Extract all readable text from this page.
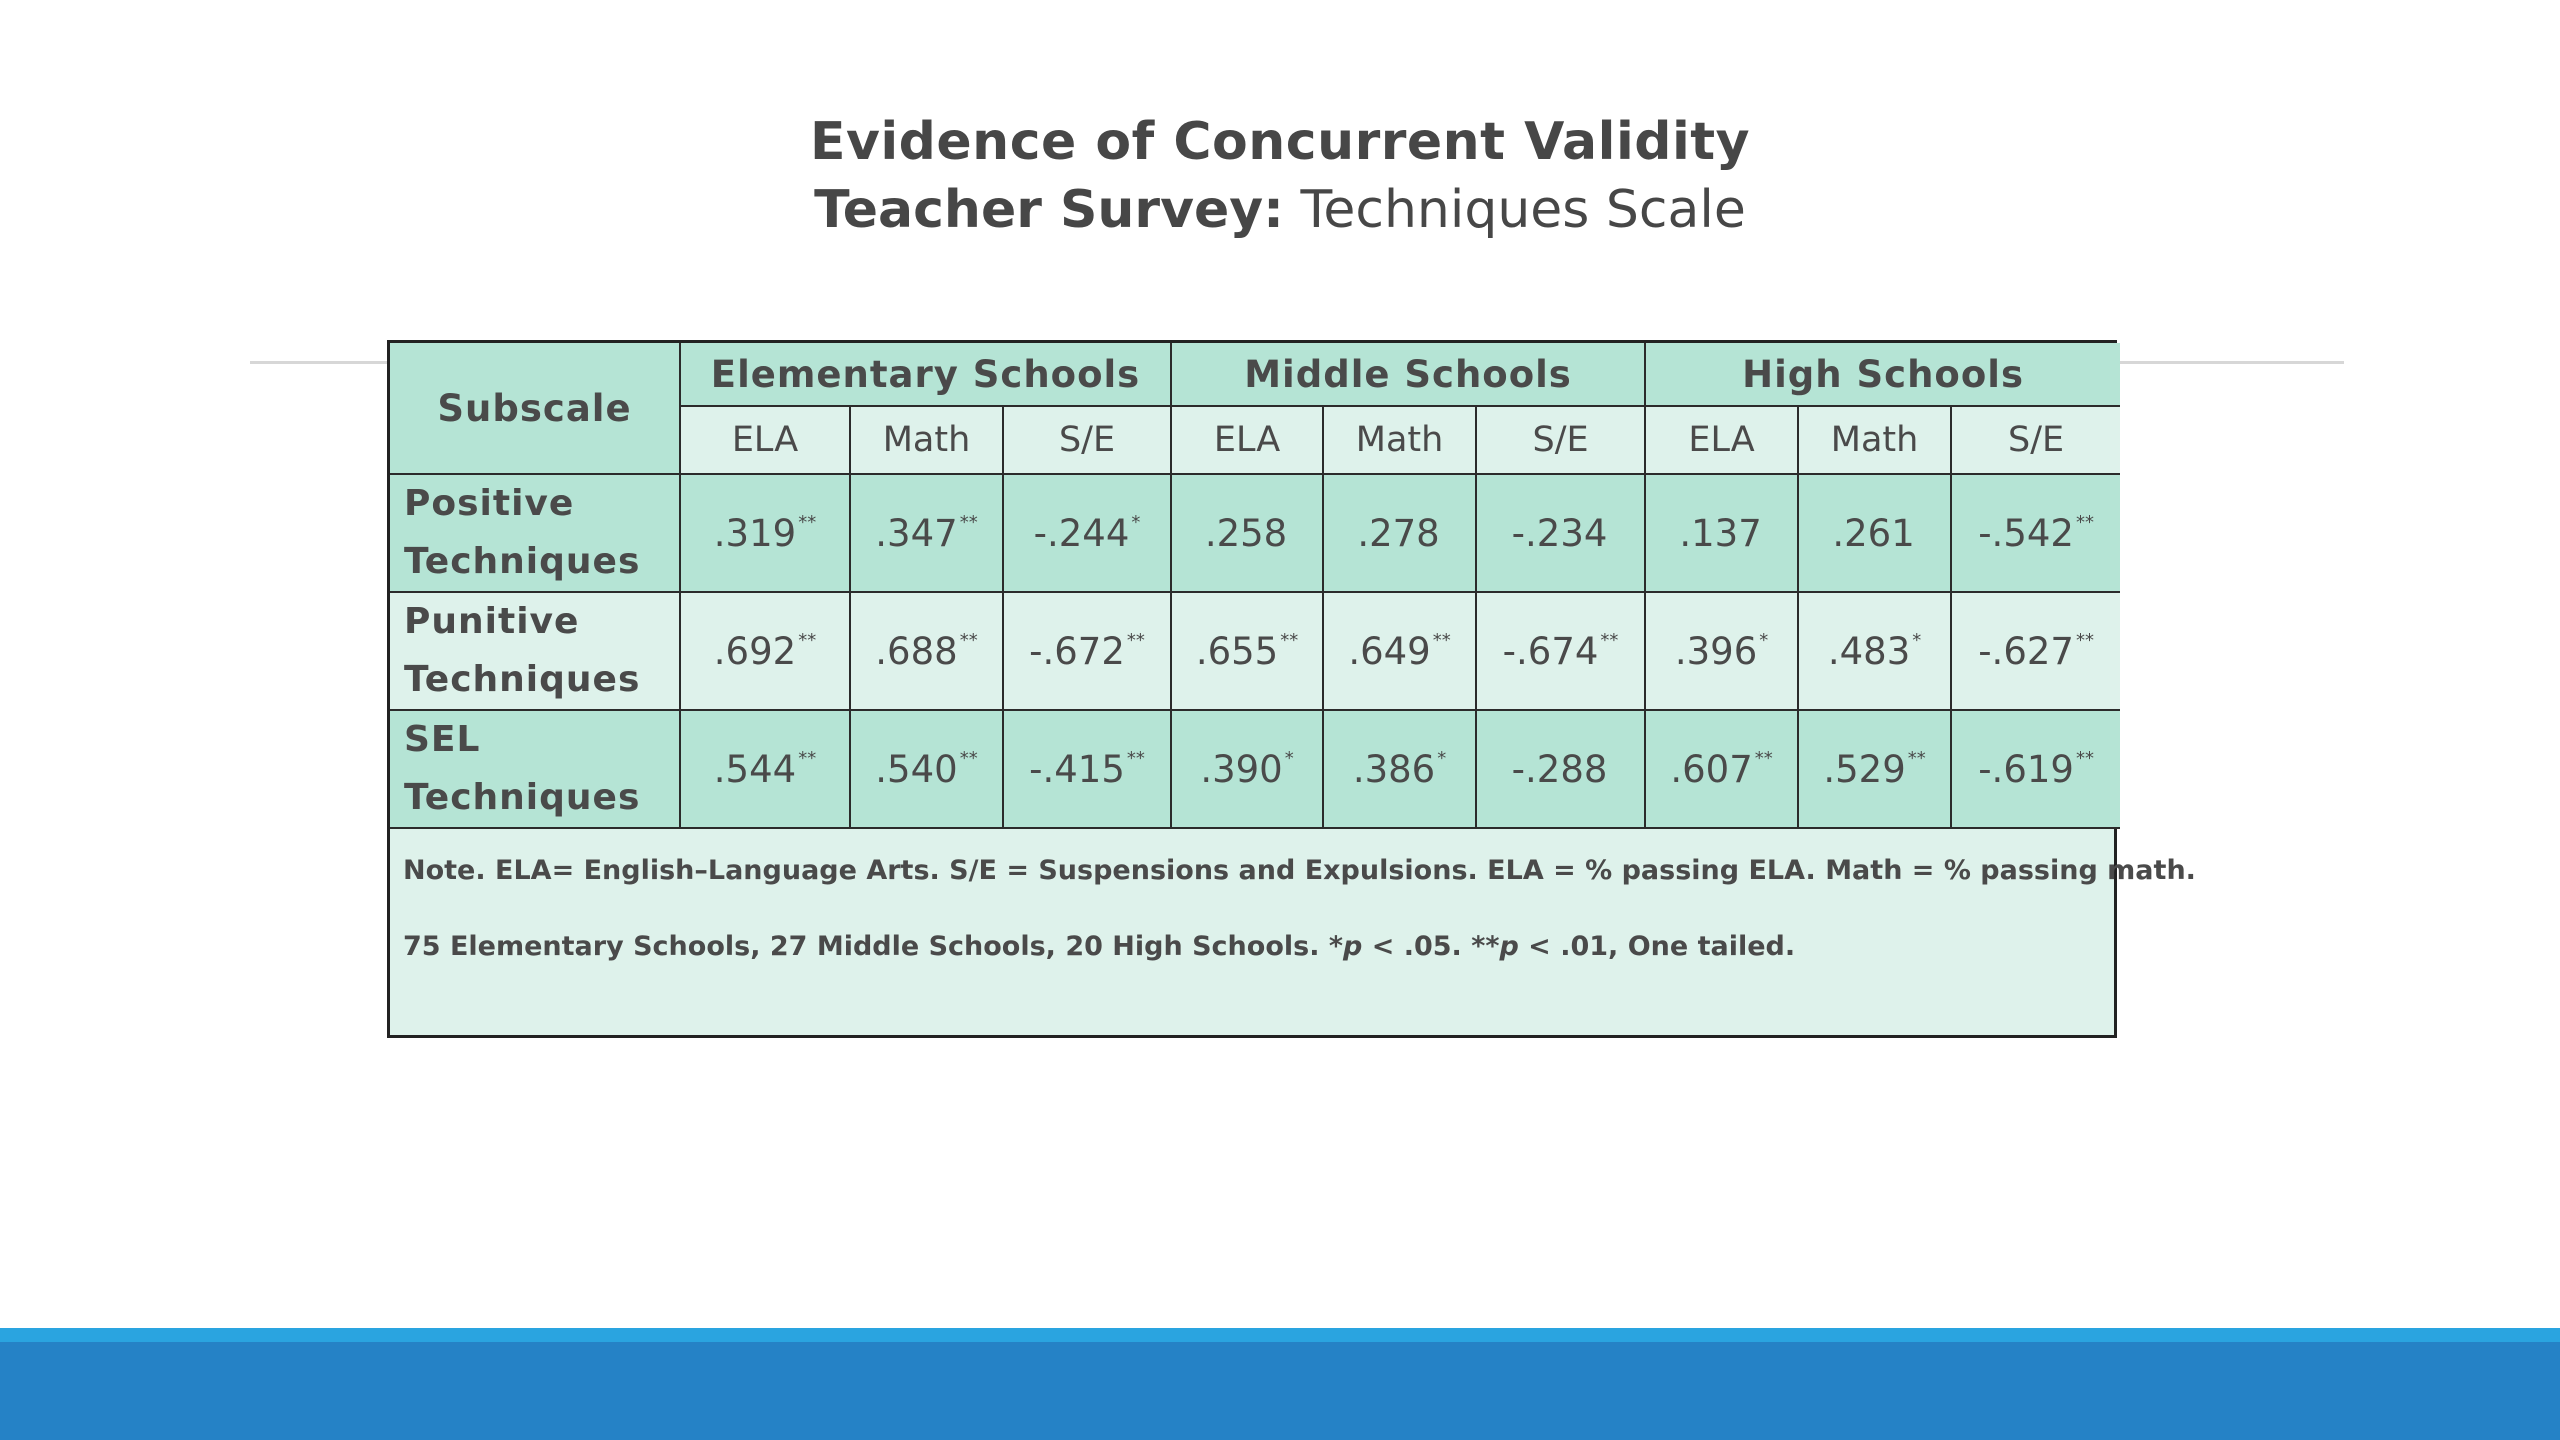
Evidence of Concurrent Validity
Teacher Survey: Techniques Scale
Subscale	Elementary Schools			Middle Schools			High Schools		
	ELA	Math	S/E	ELA	Math	S/E	ELA	Math	S/E

Positive
Techniques	.319 **	.347 **	-.244 *	.258	.278	-.234	.137	.261	-.542 **

Punitive
Techniques	.692 **	.688 **	-.672 **	.655 **	.649 **	-.674 **	.396 *	.483 *	-.627 **

SEL
Techniques	.544 **	.540 **	-.415 **	.390 *	.386 *	-.288	.607 **	.529 **	-.619 **
Note. ELA= English–Language Arts. S/E = Suspensions and Expulsions. ELA = % passing ELA. Math = % passing math.
75 Elementary Schools, 27 Middle Schools, 20 High Schools. *p < .05. **p < .01, One tailed.
